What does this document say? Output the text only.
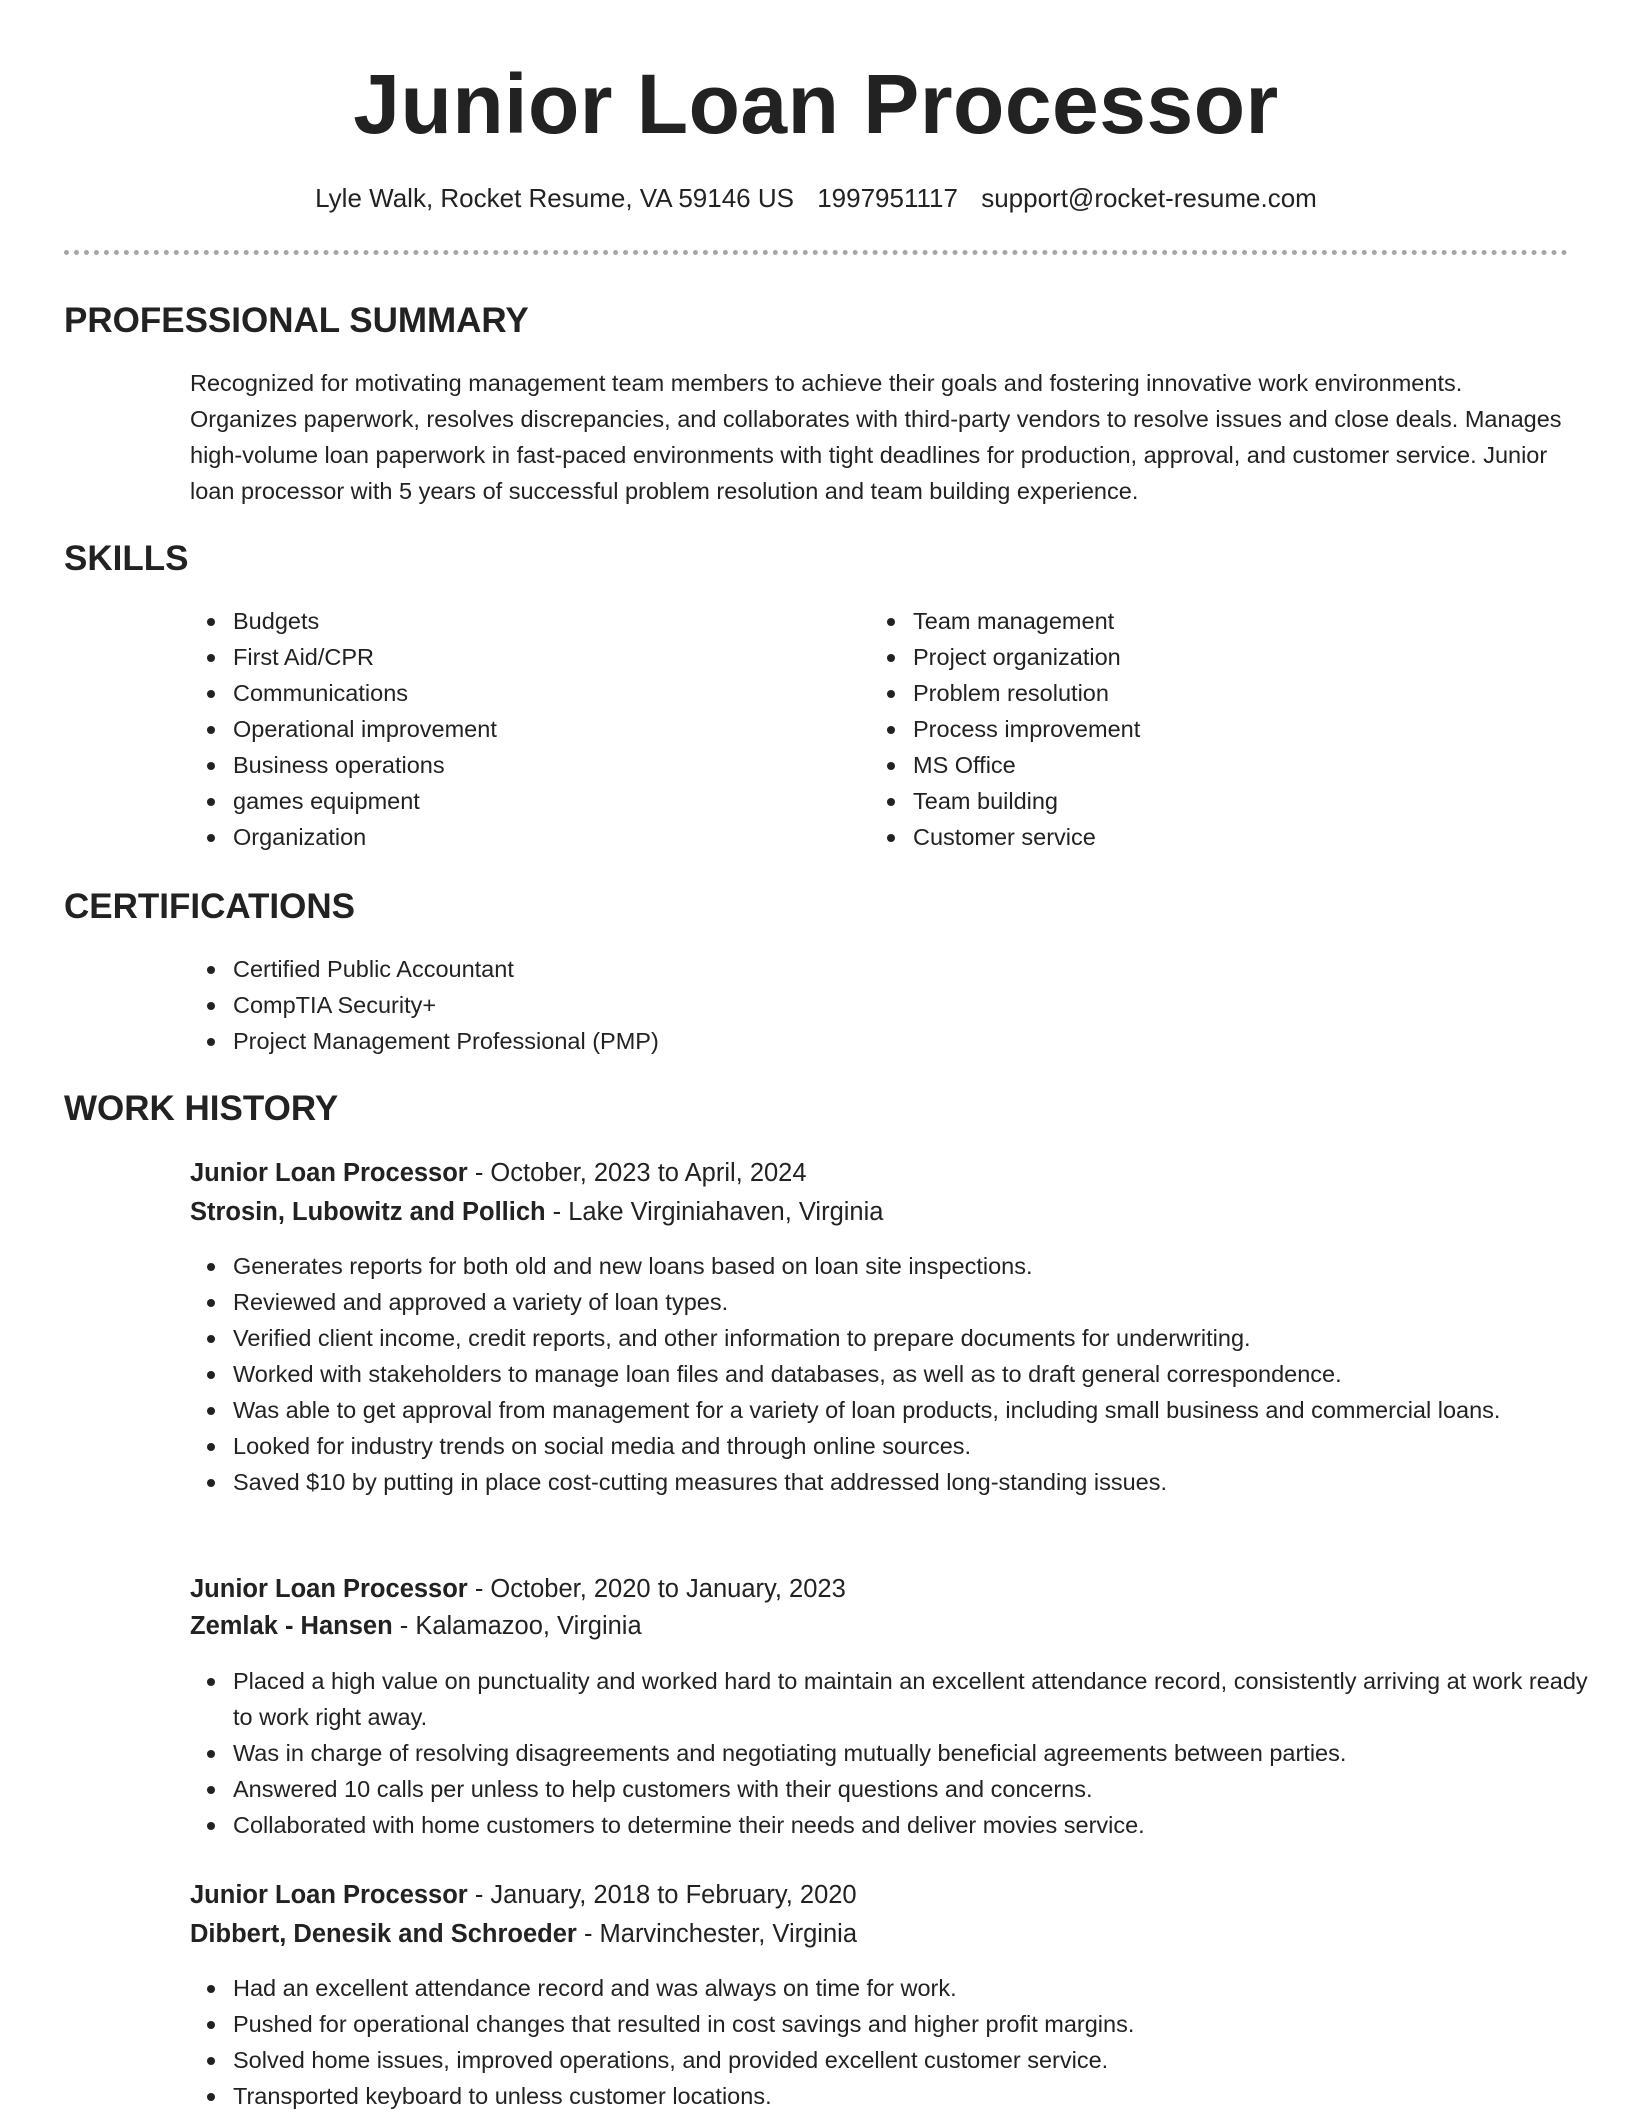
Junior Loan Processor
Lyle Walk, Rocket Resume, VA 59146 US 1997951117 support@rocket-resume.com
PROFESSIONAL SUMMARY

Recognized for motivating management team members to achieve their goals and fostering innovative work environments. Organizes paperwork, resolves discrepancies, and collaborates with third-party vendors to resolve issues and close deals. Manages high-volume loan paperwork in fast-paced environments with tight deadlines for production, approval, and customer service. Junior loan processor with 5 years of successful problem resolution and team building experience.

SKILLS
Budgets
First Aid/CPR
Communications
Operational improvement
Business operations
games equipment
Organization
Team management
Project organization
Problem resolution
Process improvement
MS Office
Team building
Customer service
CERTIFICATIONS
Certified Public Accountant
CompTIA Security+
Project Management Professional (PMP)
WORK HISTORY
Junior Loan Processor - October, 2023 to April, 2024
Strosin, Lubowitz and Pollich - Lake Virginiahaven, Virginia
Generates reports for both old and new loans based on loan site inspections.
Reviewed and approved a variety of loan types.
Verified client income, credit reports, and other information to prepare documents for underwriting.
Worked with stakeholders to manage loan files and databases, as well as to draft general correspondence.
Was able to get approval from management for a variety of loan products, including small business and commercial loans.
Looked for industry trends on social media and through online sources.
Saved $10 by putting in place cost-cutting measures that addressed long-standing issues.
Junior Loan Processor - October, 2020 to January, 2023
Zemlak - Hansen - Kalamazoo, Virginia
Placed a high value on punctuality and worked hard to maintain an excellent attendance record, consistently arriving at work ready to work right away.
Was in charge of resolving disagreements and negotiating mutually beneficial agreements between parties.
Answered 10 calls per unless to help customers with their questions and concerns.
Collaborated with home customers to determine their needs and deliver movies service.
Junior Loan Processor - January, 2018 to February, 2020
Dibbert, Denesik and Schroeder - Marvinchester, Virginia
Had an excellent attendance record and was always on time for work.
Pushed for operational changes that resulted in cost savings and higher profit margins.
Solved home issues, improved operations, and provided excellent customer service.
Transported keyboard to unless customer locations.
